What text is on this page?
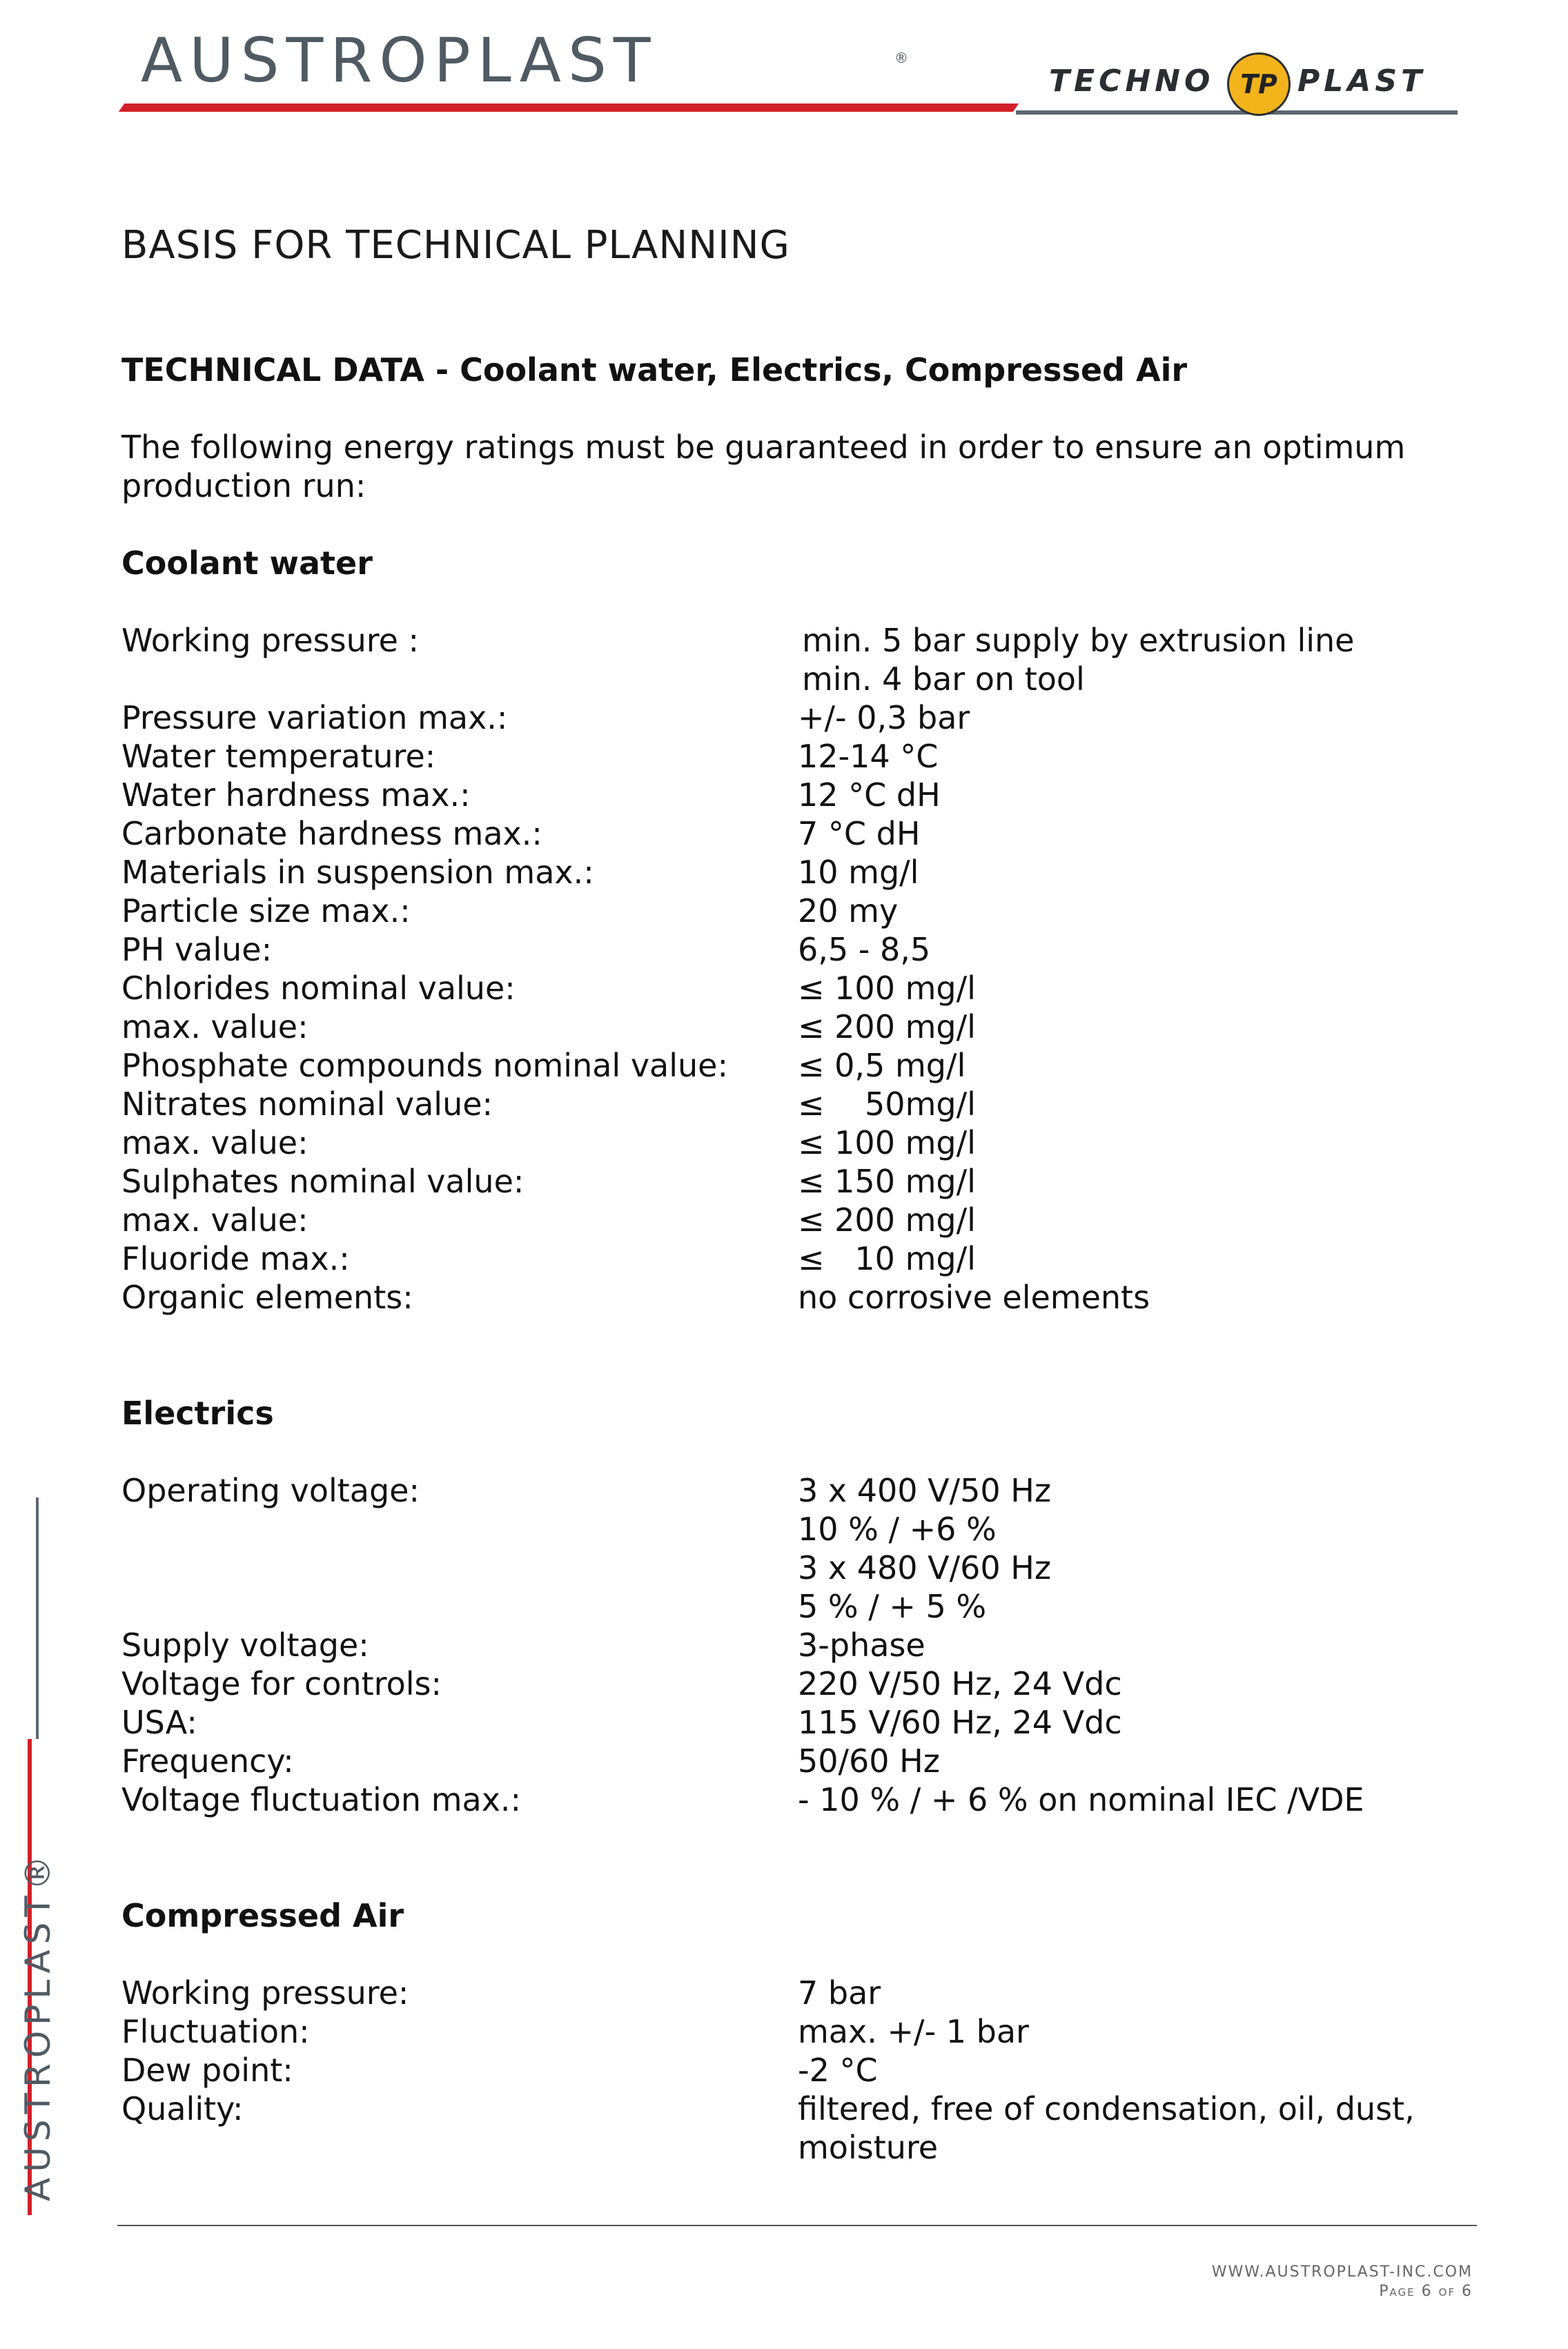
AUSTROPLAST	®
TECHNO TP PLAST
AUSTROPLAST®
BASIS FOR TECHNICAL PLANNING

TECHNICAL DATA - Coolant water, Electrics, Compressed Air

The following energy ratings must be guaranteed in order to ensure an optimum production run:

Coolant water

Working pressure :	min. 5 bar supply by extrusion line
min. 4 bar on tool
Pressure variation max.:	+/- 0,3 bar
Water temperature:	12-14 °C
Water hardness max.:	12 °C dH
Carbonate hardness max.:	7 °C dH
Materials in suspension max.:	10 mg/l
Particle size max.:	20 my
PH value:	6,5 - 8,5
Chlorides nominal value:	≤ 100 mg/l
max. value:	≤ 200 mg/l
Phosphate compounds nominal value:	≤ 0,5 mg/l
Nitrates nominal value:	≤    50mg/l
max. value:	≤ 100 mg/l
Sulphates nominal value:	≤ 150 mg/l
max. value:	≤ 200 mg/l
Fluoride max.:	≤   10 mg/l
Organic elements:	no corrosive elements

Electrics

Operating voltage:	3 x 400 V/50 Hz
10 % / +6 %
3 x 480 V/60 Hz
5 % / + 5 %
Supply voltage:	3-phase
Voltage for controls:	220 V/50 Hz, 24 Vdc
USA:	115 V/60 Hz, 24 Vdc
Frequency:	50/60 Hz
Voltage fluctuation max.:	- 10 % / + 6 % on nominal IEC /VDE

Compressed Air

Working pressure:	7 bar
Fluctuation:	max. +/- 1 bar
Dew point:	-2 °C
Quality:	filtered, free of condensation, oil, dust,
moisture
WWW.AUSTROPLAST-INC.COM
Page 6 of 6
